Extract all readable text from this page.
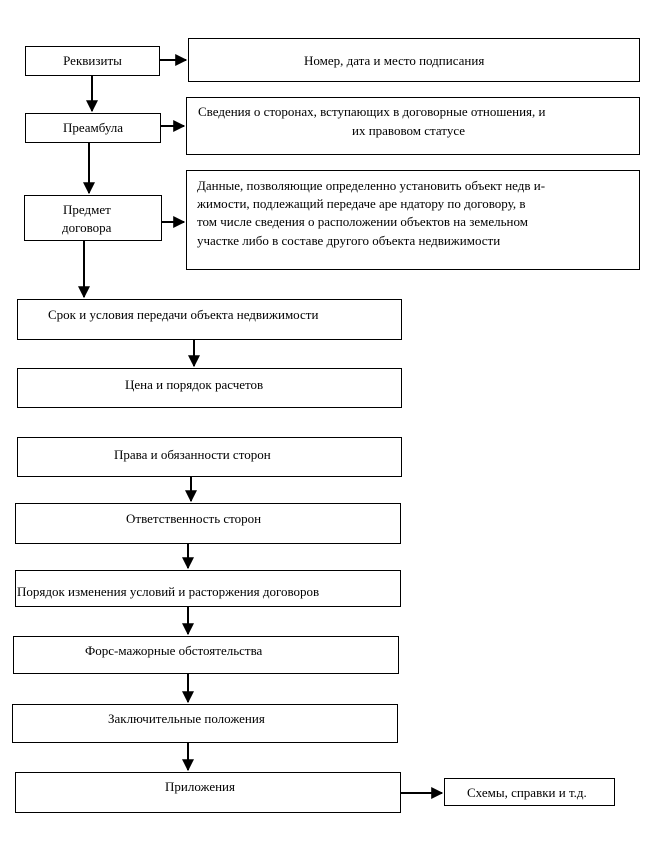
Реквизиты	Номер, дата и место подписания
Преамбула
Сведения о сторонах, вступающих в договорные отношения, и
их правовом статусе
Предмет
договора
Данные, позволяющие определенно установить объект недв и-
жимости, подлежащий передаче аре ндатору по договору, в
том числе сведения о расположении объектов на земельном
участке либо в составе другого объекта недвижимости
Срок и условия передачи объекта недвижимости
Цена и порядок расчетов
Права и обязанности сторон
Ответственность сторон
Порядок изменения условий и расторжения договоров
Форс-мажорные обстоятельства
Заключительные положения
Приложения	Схемы, справки и т.д.
